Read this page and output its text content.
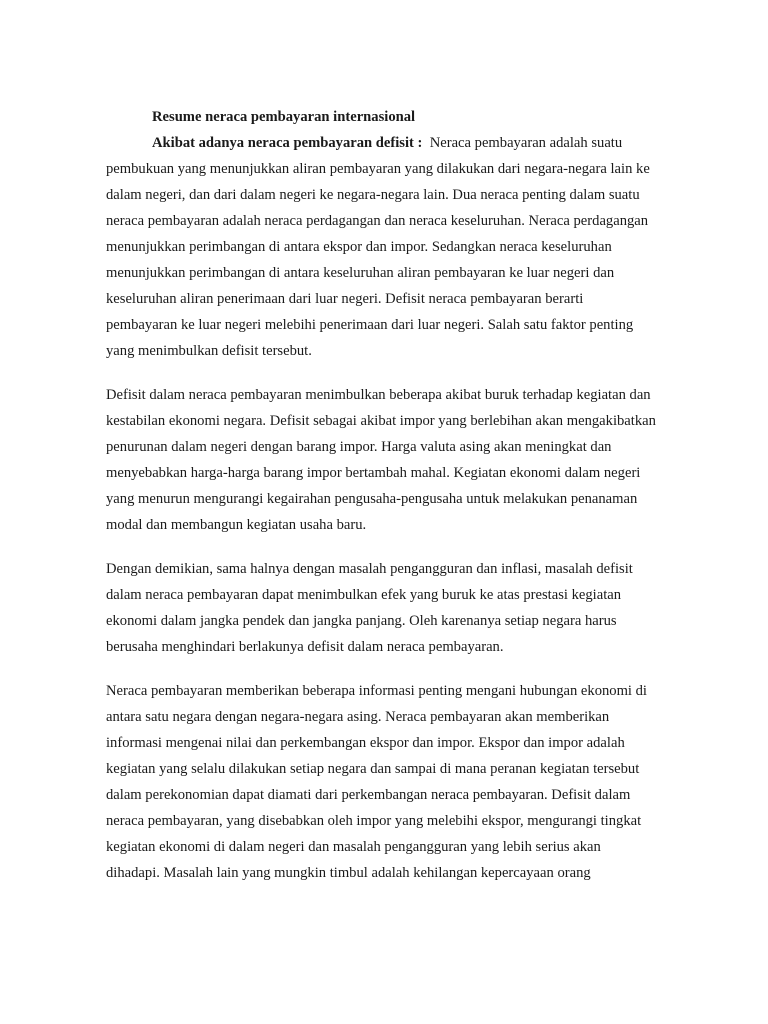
Resume neraca pembayaran internasional

Akibat adanya neraca pembayaran defisit : Neraca pembayaran adalah suatu pembukuan yang menunjukkan aliran pembayaran yang dilakukan dari negara-negara lain ke dalam negeri, dan dari dalam negeri ke negara-negara lain. Dua neraca penting dalam suatu neraca pembayaran adalah neraca perdagangan dan neraca keseluruhan. Neraca perdagangan menunjukkan perimbangan di antara ekspor dan impor. Sedangkan neraca keseluruhan menunjukkan perimbangan di antara keseluruhan aliran pembayaran ke luar negeri dan keseluruhan aliran penerimaan dari luar negeri. Defisit neraca pembayaran berarti pembayaran ke luar negeri melebihi penerimaan dari luar negeri. Salah satu faktor penting yang menimbulkan defisit tersebut.

Defisit dalam neraca pembayaran menimbulkan beberapa akibat buruk terhadap kegiatan dan kestabilan ekonomi negara. Defisit sebagai akibat impor yang berlebihan akan mengakibatkan penurunan dalam negeri dengan barang impor. Harga valuta asing akan meningkat dan menyebabkan harga-harga barang impor bertambah mahal. Kegiatan ekonomi dalam negeri yang menurun mengurangi kegairahan pengusaha-pengusaha untuk melakukan penanaman modal dan membangun kegiatan usaha baru.

Dengan demikian, sama halnya dengan masalah pengangguran dan inflasi, masalah defisit dalam neraca pembayaran dapat menimbulkan efek yang buruk ke atas prestasi kegiatan ekonomi dalam jangka pendek dan jangka panjang. Oleh karenanya setiap negara harus berusaha menghindari berlakunya defisit dalam neraca pembayaran.

Neraca pembayaran memberikan beberapa informasi penting mengani hubungan ekonomi di antara satu negara dengan negara-negara asing. Neraca pembayaran akan memberikan informasi mengenai nilai dan perkembangan ekspor dan impor. Ekspor dan impor adalah kegiatan yang selalu dilakukan setiap negara dan sampai di mana peranan kegiatan tersebut dalam perekonomian dapat diamati dari perkembangan neraca pembayaran. Defisit dalam neraca pembayaran, yang disebabkan oleh impor yang melebihi ekspor, mengurangi tingkat kegiatan ekonomi di dalam negeri dan masalah pengangguran yang lebih serius akan dihadapi. Masalah lain yang mungkin timbul adalah kehilangan kepercayaan orang
